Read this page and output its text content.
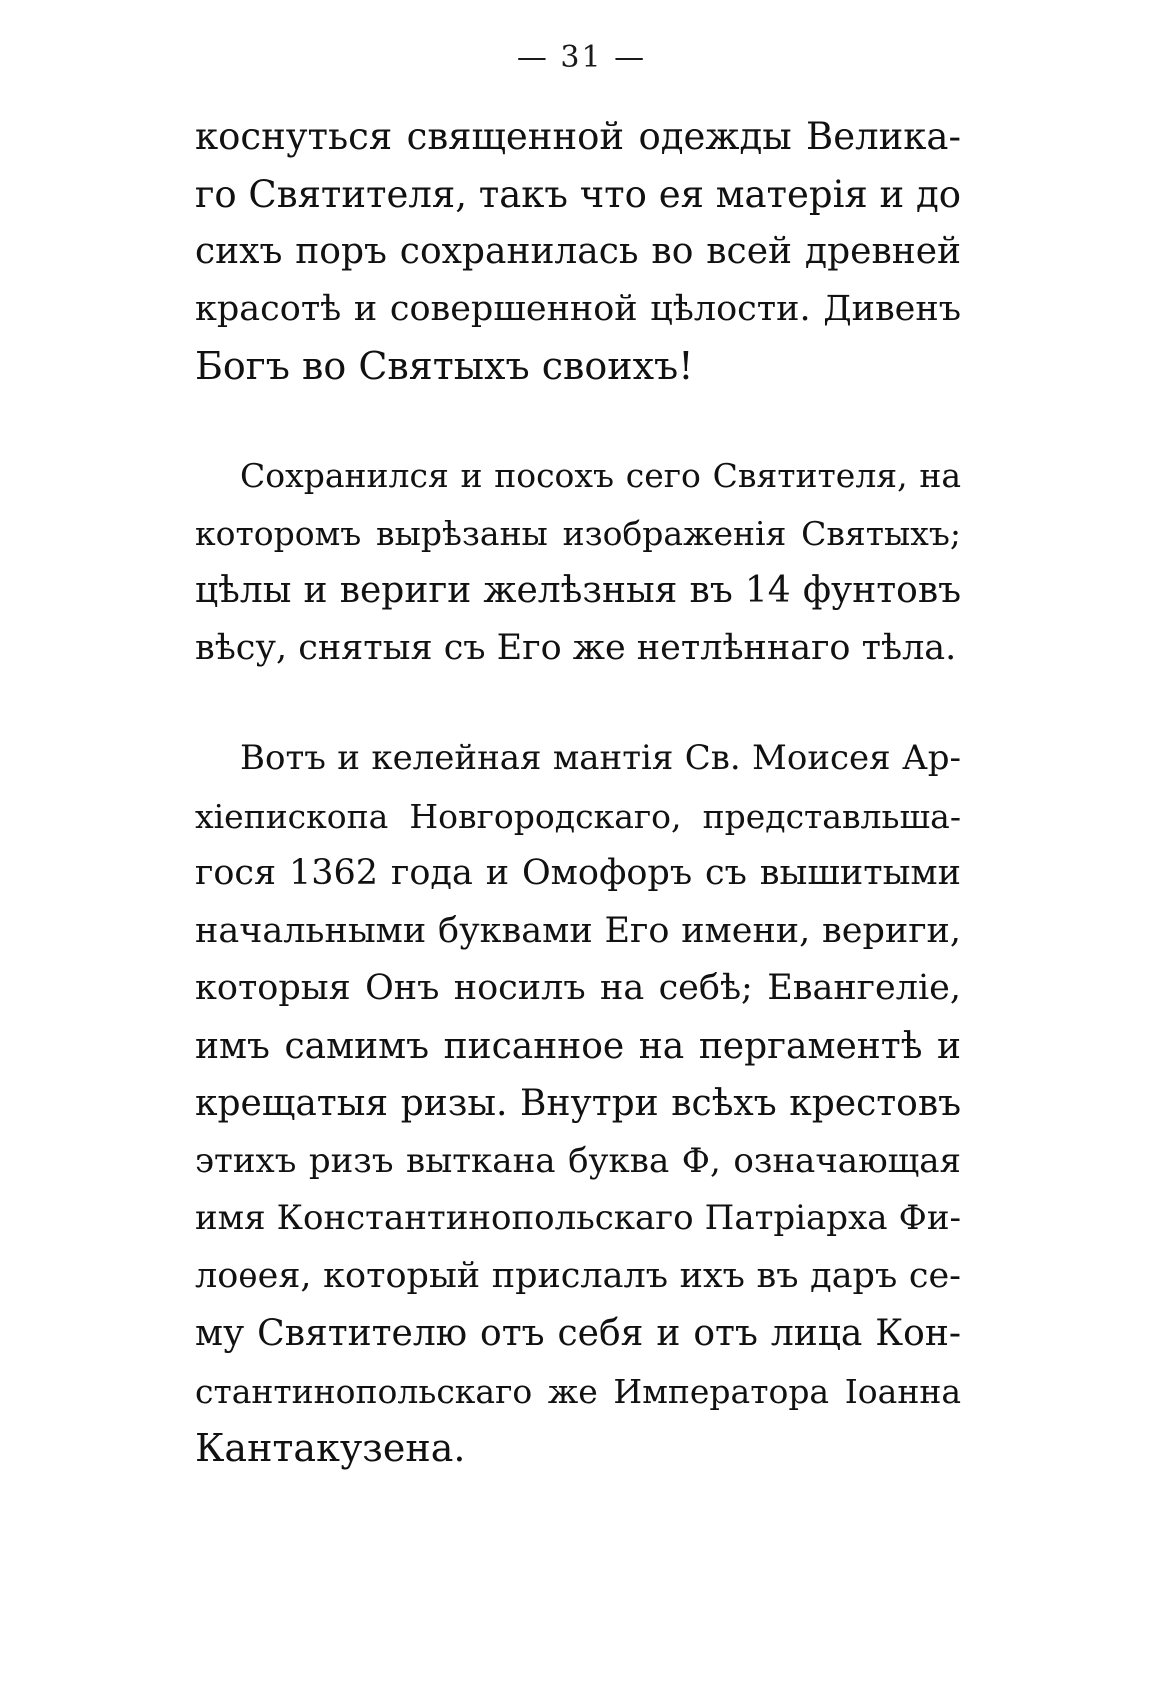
— 31 —
коснуться священной одежды Велика-
го Святителя, такъ что ея матерія и до
сихъ поръ сохранилась во всей древней
красотѣ и совершенной цѣлости. Дивенъ
Богъ во Святыхъ своихъ!
Сохранился и посохъ сего Святителя, на
которомъ вырѣзаны изображенія Святыхъ;
цѣлы и вериги желѣзныя въ 14 фунтовъ
вѣсу, снятыя съ Его же нетлѣннаго тѣла.
Вотъ и келейная мантія Св. Моисея Ар-
хіепископа Новгородскаго, представльша-
гося 1362 года и Омофоръ съ вышитыми
начальными буквами Его имени, вериги,
которыя Онъ носилъ на себѣ; Евангеліе,
имъ самимъ писанное на пергаментѣ и
крещатыя ризы. Внутри всѣхъ крестовъ
этихъ ризъ выткана буква Ф, означающая
имя Константинопольскаго Патріарха Фи-
лоѳея, который прислалъ ихъ въ даръ се-
му Святителю отъ себя и отъ лица Кон-
стантинопольскаго же Императора Іоанна
Кантакузена.
